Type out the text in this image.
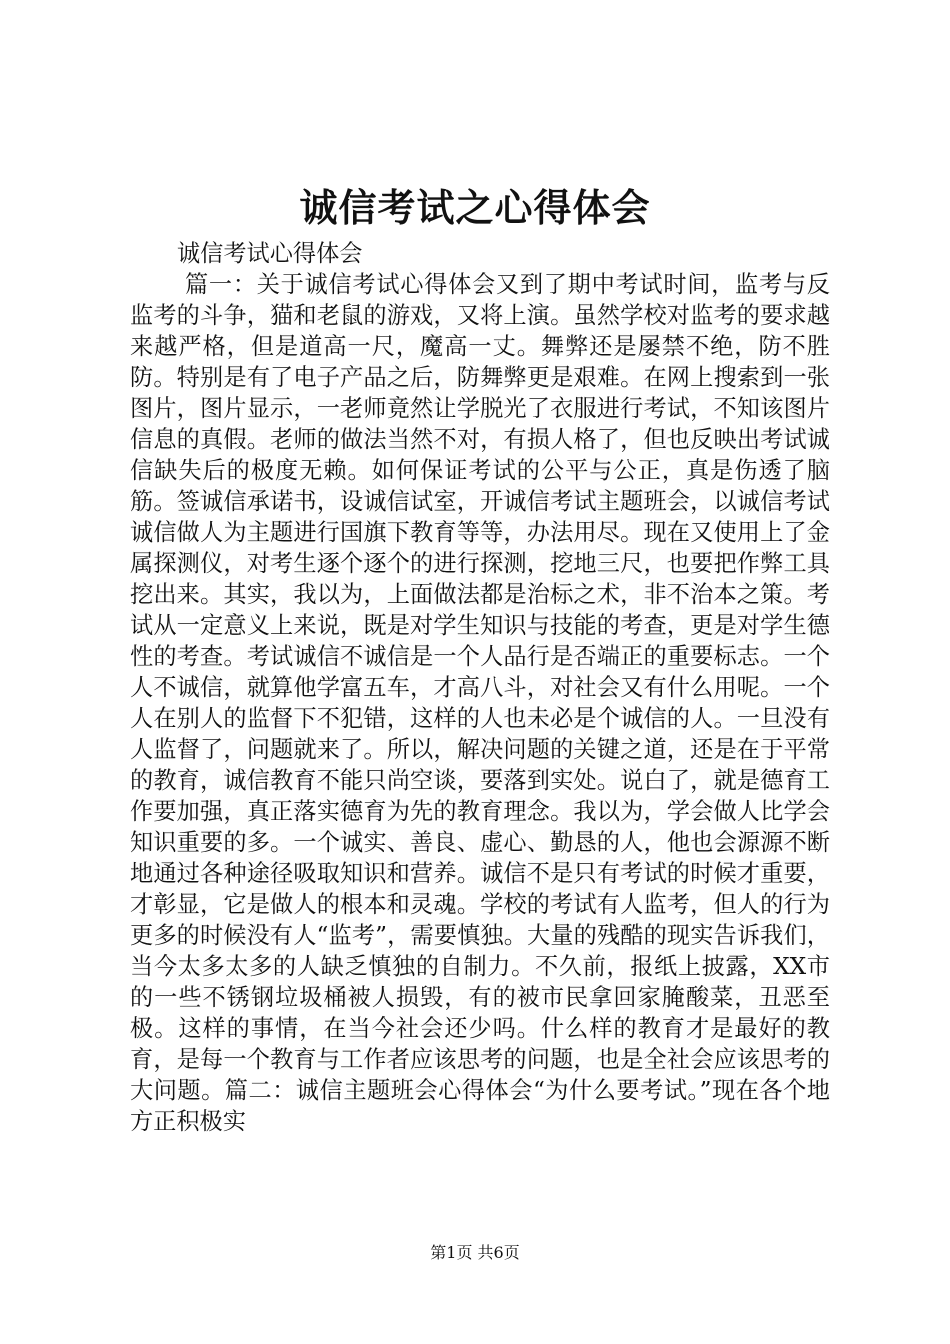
诚信考试之心得体会

诚信考试心得体会

篇一：关于诚信考试心得体会又到了期中考试时间，监考与反监考的斗争，猫和老鼠的游戏，又将上演。虽然学校对监考的要求越来越严格，但是道高一尺，魔高一丈。舞弊还是屡禁不绝，防不胜防。特别是有了电子产品之后，防舞弊更是艰难。在网上搜索到一张图片，图片显示，一老师竟然让学脱光了衣服进行考试，不知该图片信息的真假。老师的做法当然不对，有损人格了，但也反映出考试诚信缺失后的极度无赖。如何保证考试的公平与公正，真是伤透了脑筋。签诚信承诺书，设诚信试室，开诚信考试主题班会，以诚信考试诚信做人为主题进行国旗下教育等等，办法用尽。现在又使用上了金属探测仪，对考生逐个逐个的进行探测，挖地三尺，也要把作弊工具挖出来。其实，我以为，上面做法都是治标之术，非不治本之策。考试从一定意义上来说，既是对学生知识与技能的考查，更是对学生德性的考查。考试诚信不诚信是一个人品行是否端正的重要标志。一个人不诚信，就算他学富五车，才高八斗，对社会又有什么用呢。一个人在别人的监督下不犯错，这样的人也未必是个诚信的人。一旦没有人监督了，问题就来了。所以，解决问题的关键之道，还是在于平常的教育，诚信教育不能只尚空谈，要落到实处。说白了，就是德育工作要加强，真正落实德育为先的教育理念。我以为，学会做人比学会知识重要的多。一个诚实、善良、虚心、勤恳的人，他也会源源不断地通过各种途径吸取知识和营养。诚信不是只有考试的时候才重要，才彰显，它是做人的根本和灵魂。学校的考试有人监考，但人的行为更多的时候没有人“监考”，需要慎独。大量的残酷的现实告诉我们，当今太多太多的人缺乏慎独的自制力。不久前，报纸上披露，XX市的一些不锈钢垃圾桶被人损毁，有的被市民拿回家腌酸菜，丑恶至极。这样的事情，在当今社会还少吗。什么样的教育才是最好的教育，是每一个教育与工作者应该思考的问题，也是全社会应该思考的大问题。篇二：诚信主题班会心得体会“为什么要考试。”现在各个地方正积极实

第1页 共6页
